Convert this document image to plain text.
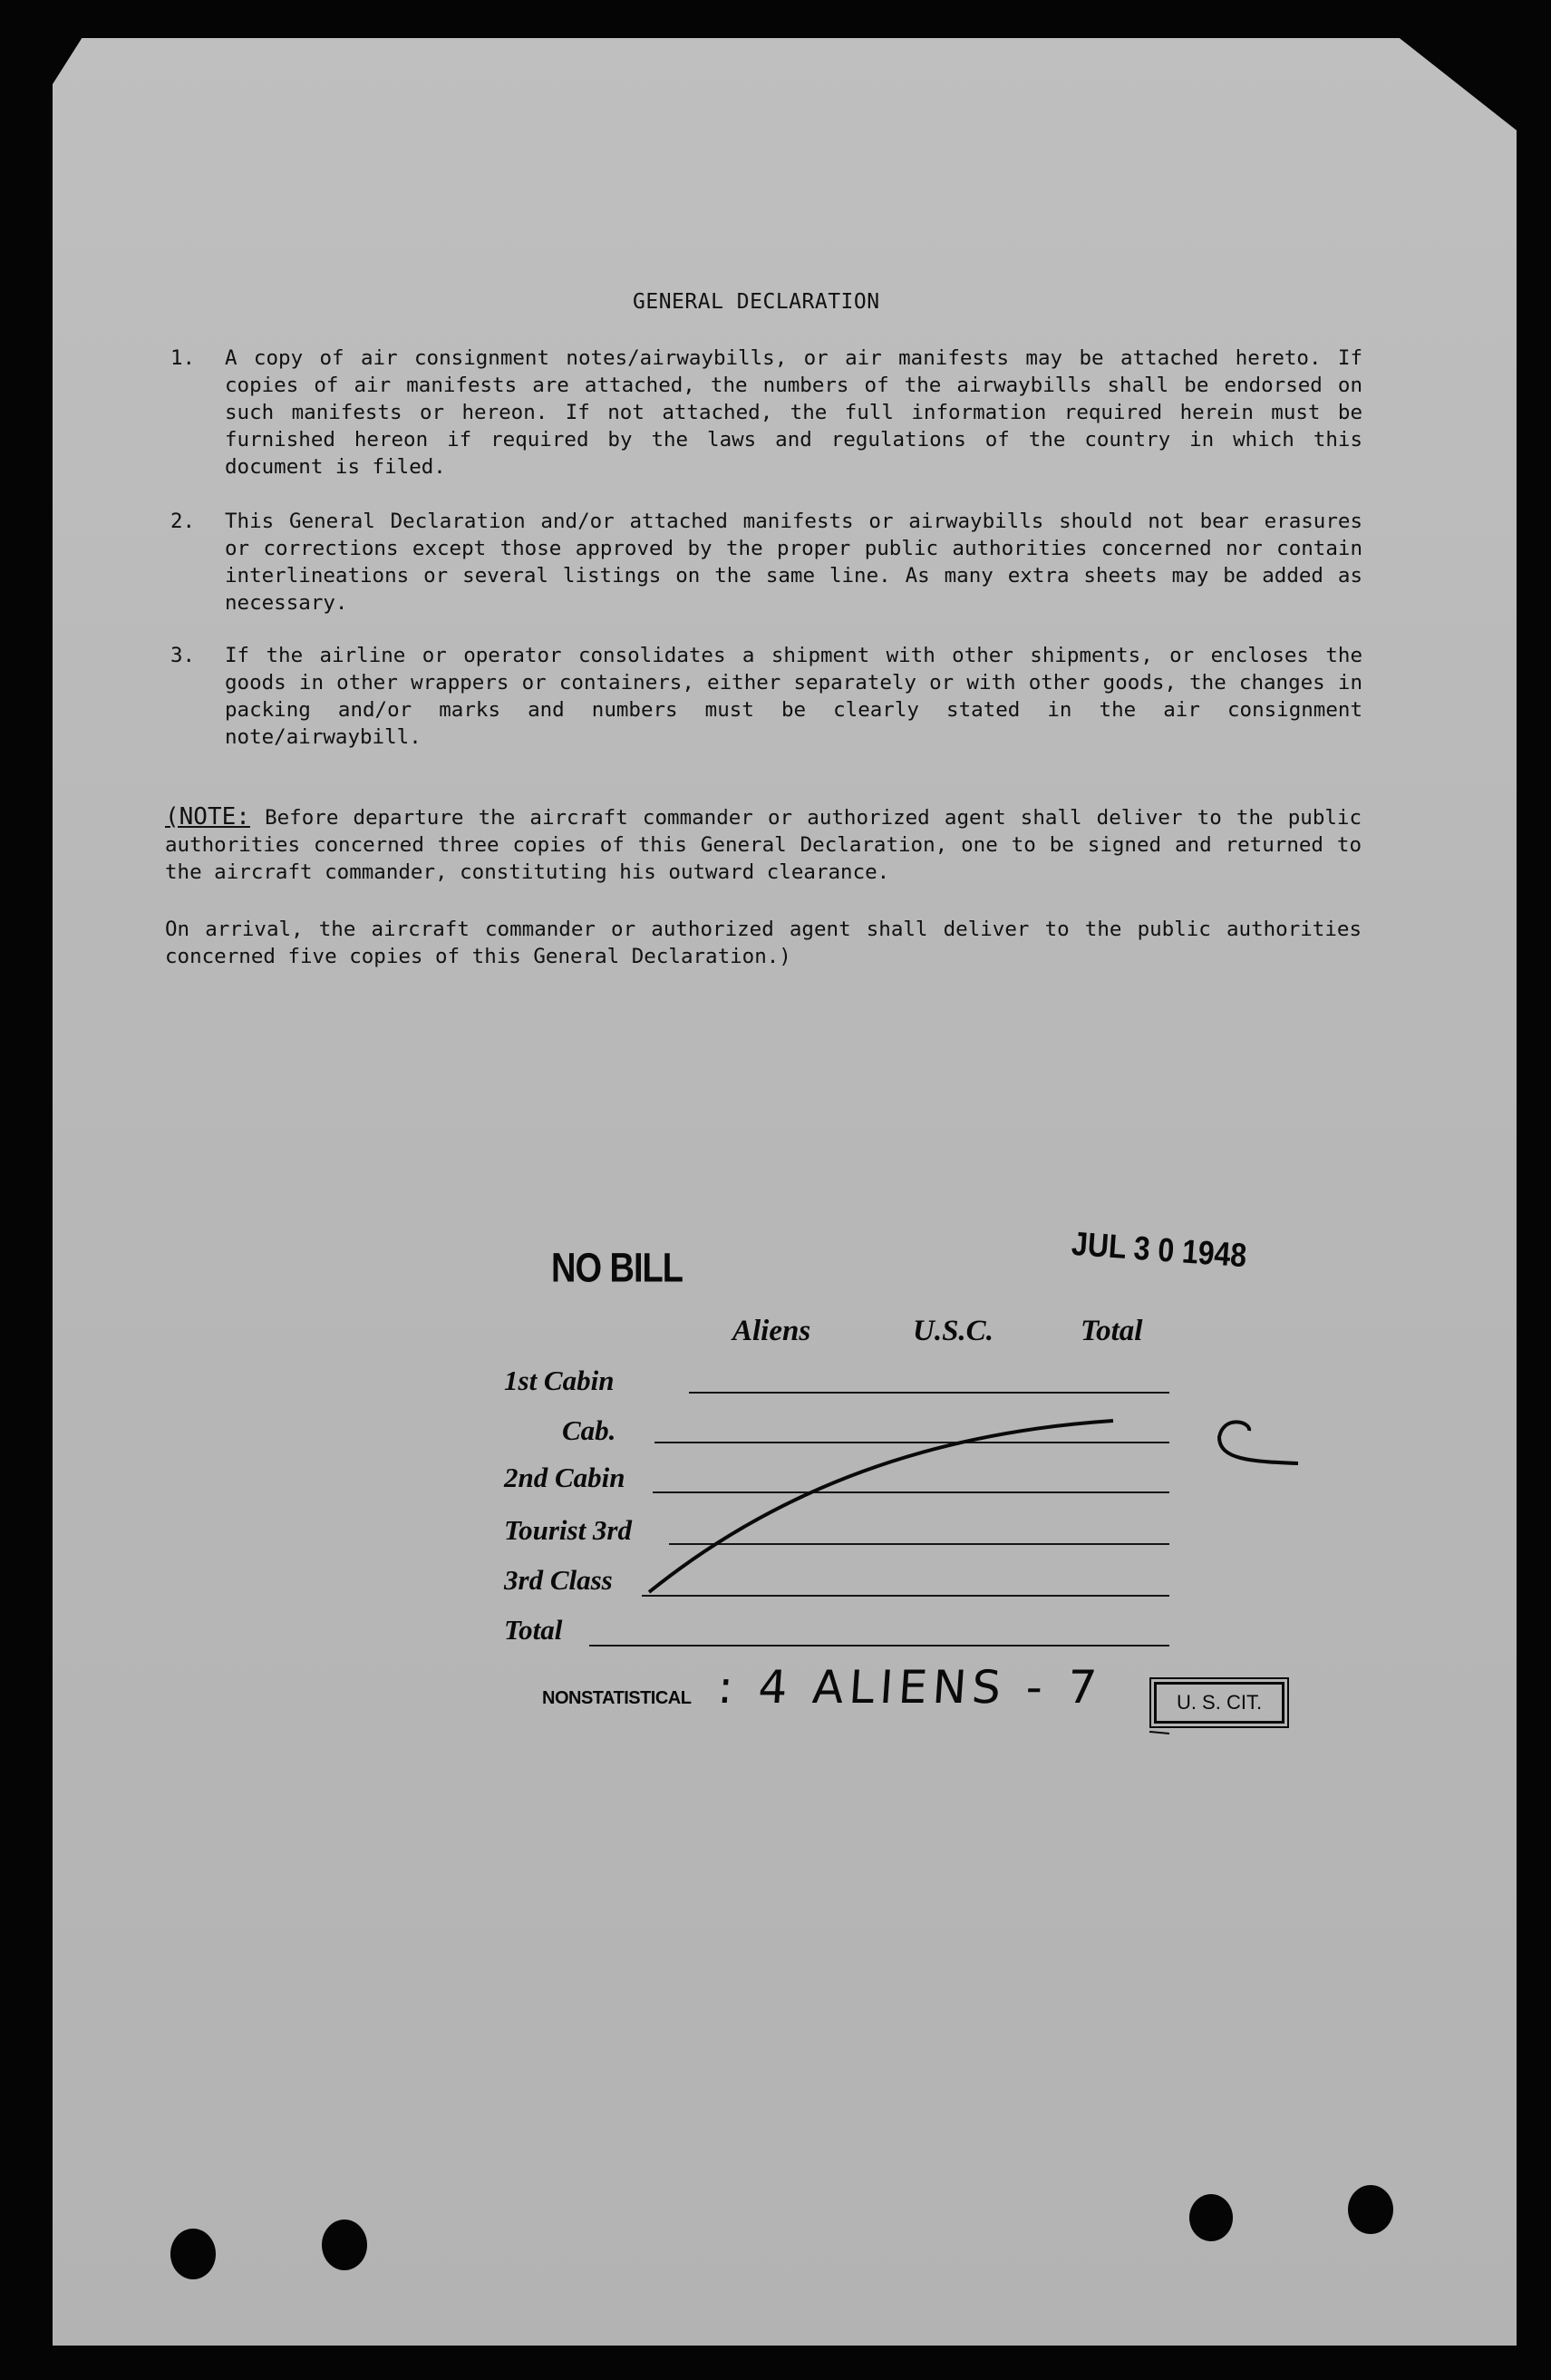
GENERAL DECLARATION
1. A copy of air consignment notes/airwaybills, or air manifests may be attached hereto. If copies of air manifests are attached, the numbers of the airwaybills shall be endorsed on such manifests or hereon. If not attached, the full information required herein must be furnished hereon if required by the laws and regulations of the country in which this document is filed.
2. This General Declaration and/or attached manifests or airwaybills should not bear erasures or corrections except those approved by the proper public authorities concerned nor contain interlineations or several listings on the same line. As many extra sheets may be added as necessary.
3. If the airline or operator consolidates a shipment with other shipments, or encloses the goods in other wrappers or containers, either separately or with other goods, the changes in packing and/or marks and numbers must be clearly stated in the air consignment note/airwaybill.
(NOTE: Before departure the aircraft commander or authorized agent shall deliver to the public authorities concerned three copies of this General Declaration, one to be signed and returned to the aircraft commander, constituting his outward clearance.
On arrival, the aircraft commander or authorized agent shall deliver to the public authorities concerned five copies of this General Declaration.)
NO BILL	JUL 3 0 1948
Aliens	U.S.C.	Total
1st Cabin
Cab.
2nd Cabin
Tourist 3rd
3rd Class
Total
NONSTATISTICAL : 4 ALIENS - 7	U. S. CIT.
